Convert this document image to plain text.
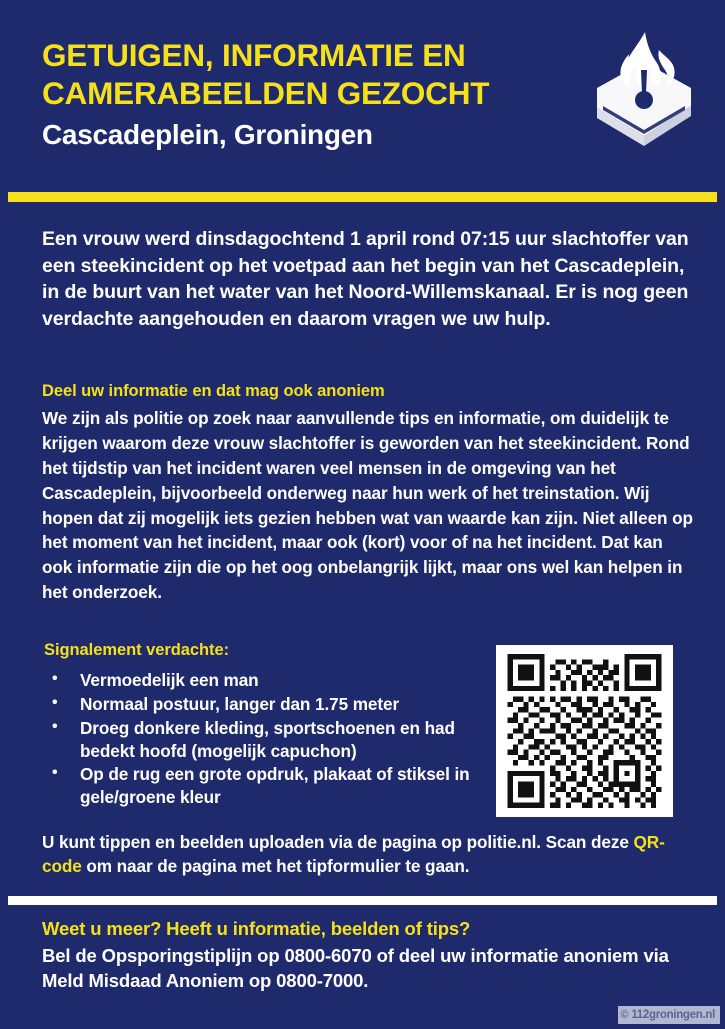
GETUIGEN, INFORMATIE EN CAMERABEELDEN GEZOCHT
Cascadeplein, Groningen
Een vrouw werd dinsdagochtend 1 april rond 07:15 uur slachtoffer van een steekincident op het voetpad aan het begin van het Cascadeplein, in de buurt van het water van het Noord-Willemskanaal. Er is nog geen verdachte aangehouden en daarom vragen we uw hulp.
Deel uw informatie en dat mag ook anoniem
We zijn als politie op zoek naar aanvullende tips en informatie, om duidelijk te krijgen waarom deze vrouw slachtoffer is geworden van het steekincident. Rond het tijdstip van het incident waren veel mensen in de omgeving van het Cascadeplein, bijvoorbeeld onderweg naar hun werk of het treinstation. Wij hopen dat zij mogelijk iets gezien hebben wat van waarde kan zijn. Niet alleen op het moment van het incident, maar ook (kort) voor of na het incident. Dat kan ook informatie zijn die op het oog onbelangrijk lijkt, maar ons wel kan helpen in het onderzoek.
Signalement verdachte:
• Vermoedelijk een man
• Normaal postuur, langer dan 1.75 meter
• Droeg donkere kleding, sportschoenen en had bedekt hoofd (mogelijk capuchon)
• Op de rug een grote opdruk, plakaat of stiksel in gele/groene kleur
U kunt tippen en beelden uploaden via de pagina op politie.nl. Scan deze QR-code om naar de pagina met het tipformulier te gaan.
Weet u meer? Heeft u informatie, beelden of tips?
Bel de Opsporingstiplijn op 0800-6070 of deel uw informatie anoniem via Meld Misdaad Anoniem op 0800-7000.
© 112groningen.nl
